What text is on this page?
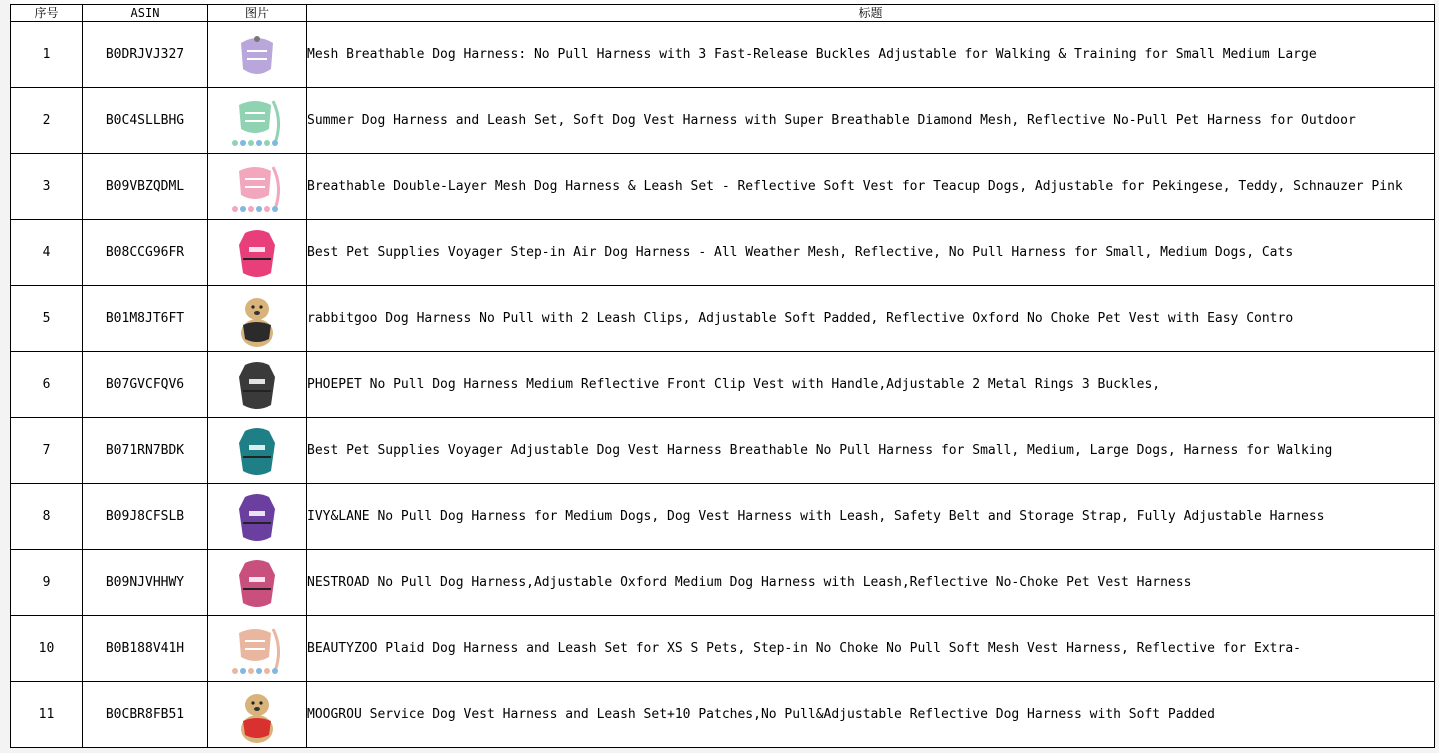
序号	ASIN	图片	标题
1	B0DRJVJ327		Mesh Breathable Dog Harness: No Pull Harness with 3 Fast-Release Buckles Adjustable for Walking & Training for Small Medium Large
2	B0C4SLLBHG		Summer Dog Harness and Leash Set, Soft Dog Vest Harness with Super Breathable Diamond Mesh, Reflective No-Pull Pet Harness for Outdoor
3	B09VBZQDML		Breathable Double-Layer Mesh Dog Harness & Leash Set - Reflective Soft Vest for Teacup Dogs, Adjustable for Pekingese, Teddy, Schnauzer Pink
4	B08CCG96FR		Best Pet Supplies Voyager Step-in Air Dog Harness - All Weather Mesh, Reflective, No Pull Harness for Small, Medium Dogs, Cats
5	B01M8JT6FT		rabbitgoo Dog Harness No Pull with 2 Leash Clips, Adjustable Soft Padded, Reflective Oxford No Choke Pet Vest with Easy Contro
6	B07GVCFQV6		PHOEPET No Pull Dog Harness Medium Reflective Front Clip Vest with Handle,Adjustable 2 Metal Rings 3 Buckles,
7	B071RN7BDK		Best Pet Supplies Voyager Adjustable Dog Vest Harness Breathable No Pull Harness for Small, Medium, Large Dogs, Harness for Walking
8	B09J8CFSLB		IVY&LANE No Pull Dog Harness for Medium Dogs, Dog Vest Harness with Leash, Safety Belt and Storage Strap, Fully Adjustable Harness
9	B09NJVHHWY		NESTROAD No Pull Dog Harness,Adjustable Oxford Medium Dog Harness with Leash,Reflective No-Choke Pet Vest Harness
10	B0B188V41H		BEAUTYZOO Plaid Dog Harness and Leash Set for XS S Pets, Step-in No Choke No Pull Soft Mesh Vest Harness, Reflective for Extra-
11	B0CBR8FB51		MOOGROU Service Dog Vest Harness and Leash Set+10 Patches,No Pull&Adjustable Reflective Dog Harness with Soft Padded
